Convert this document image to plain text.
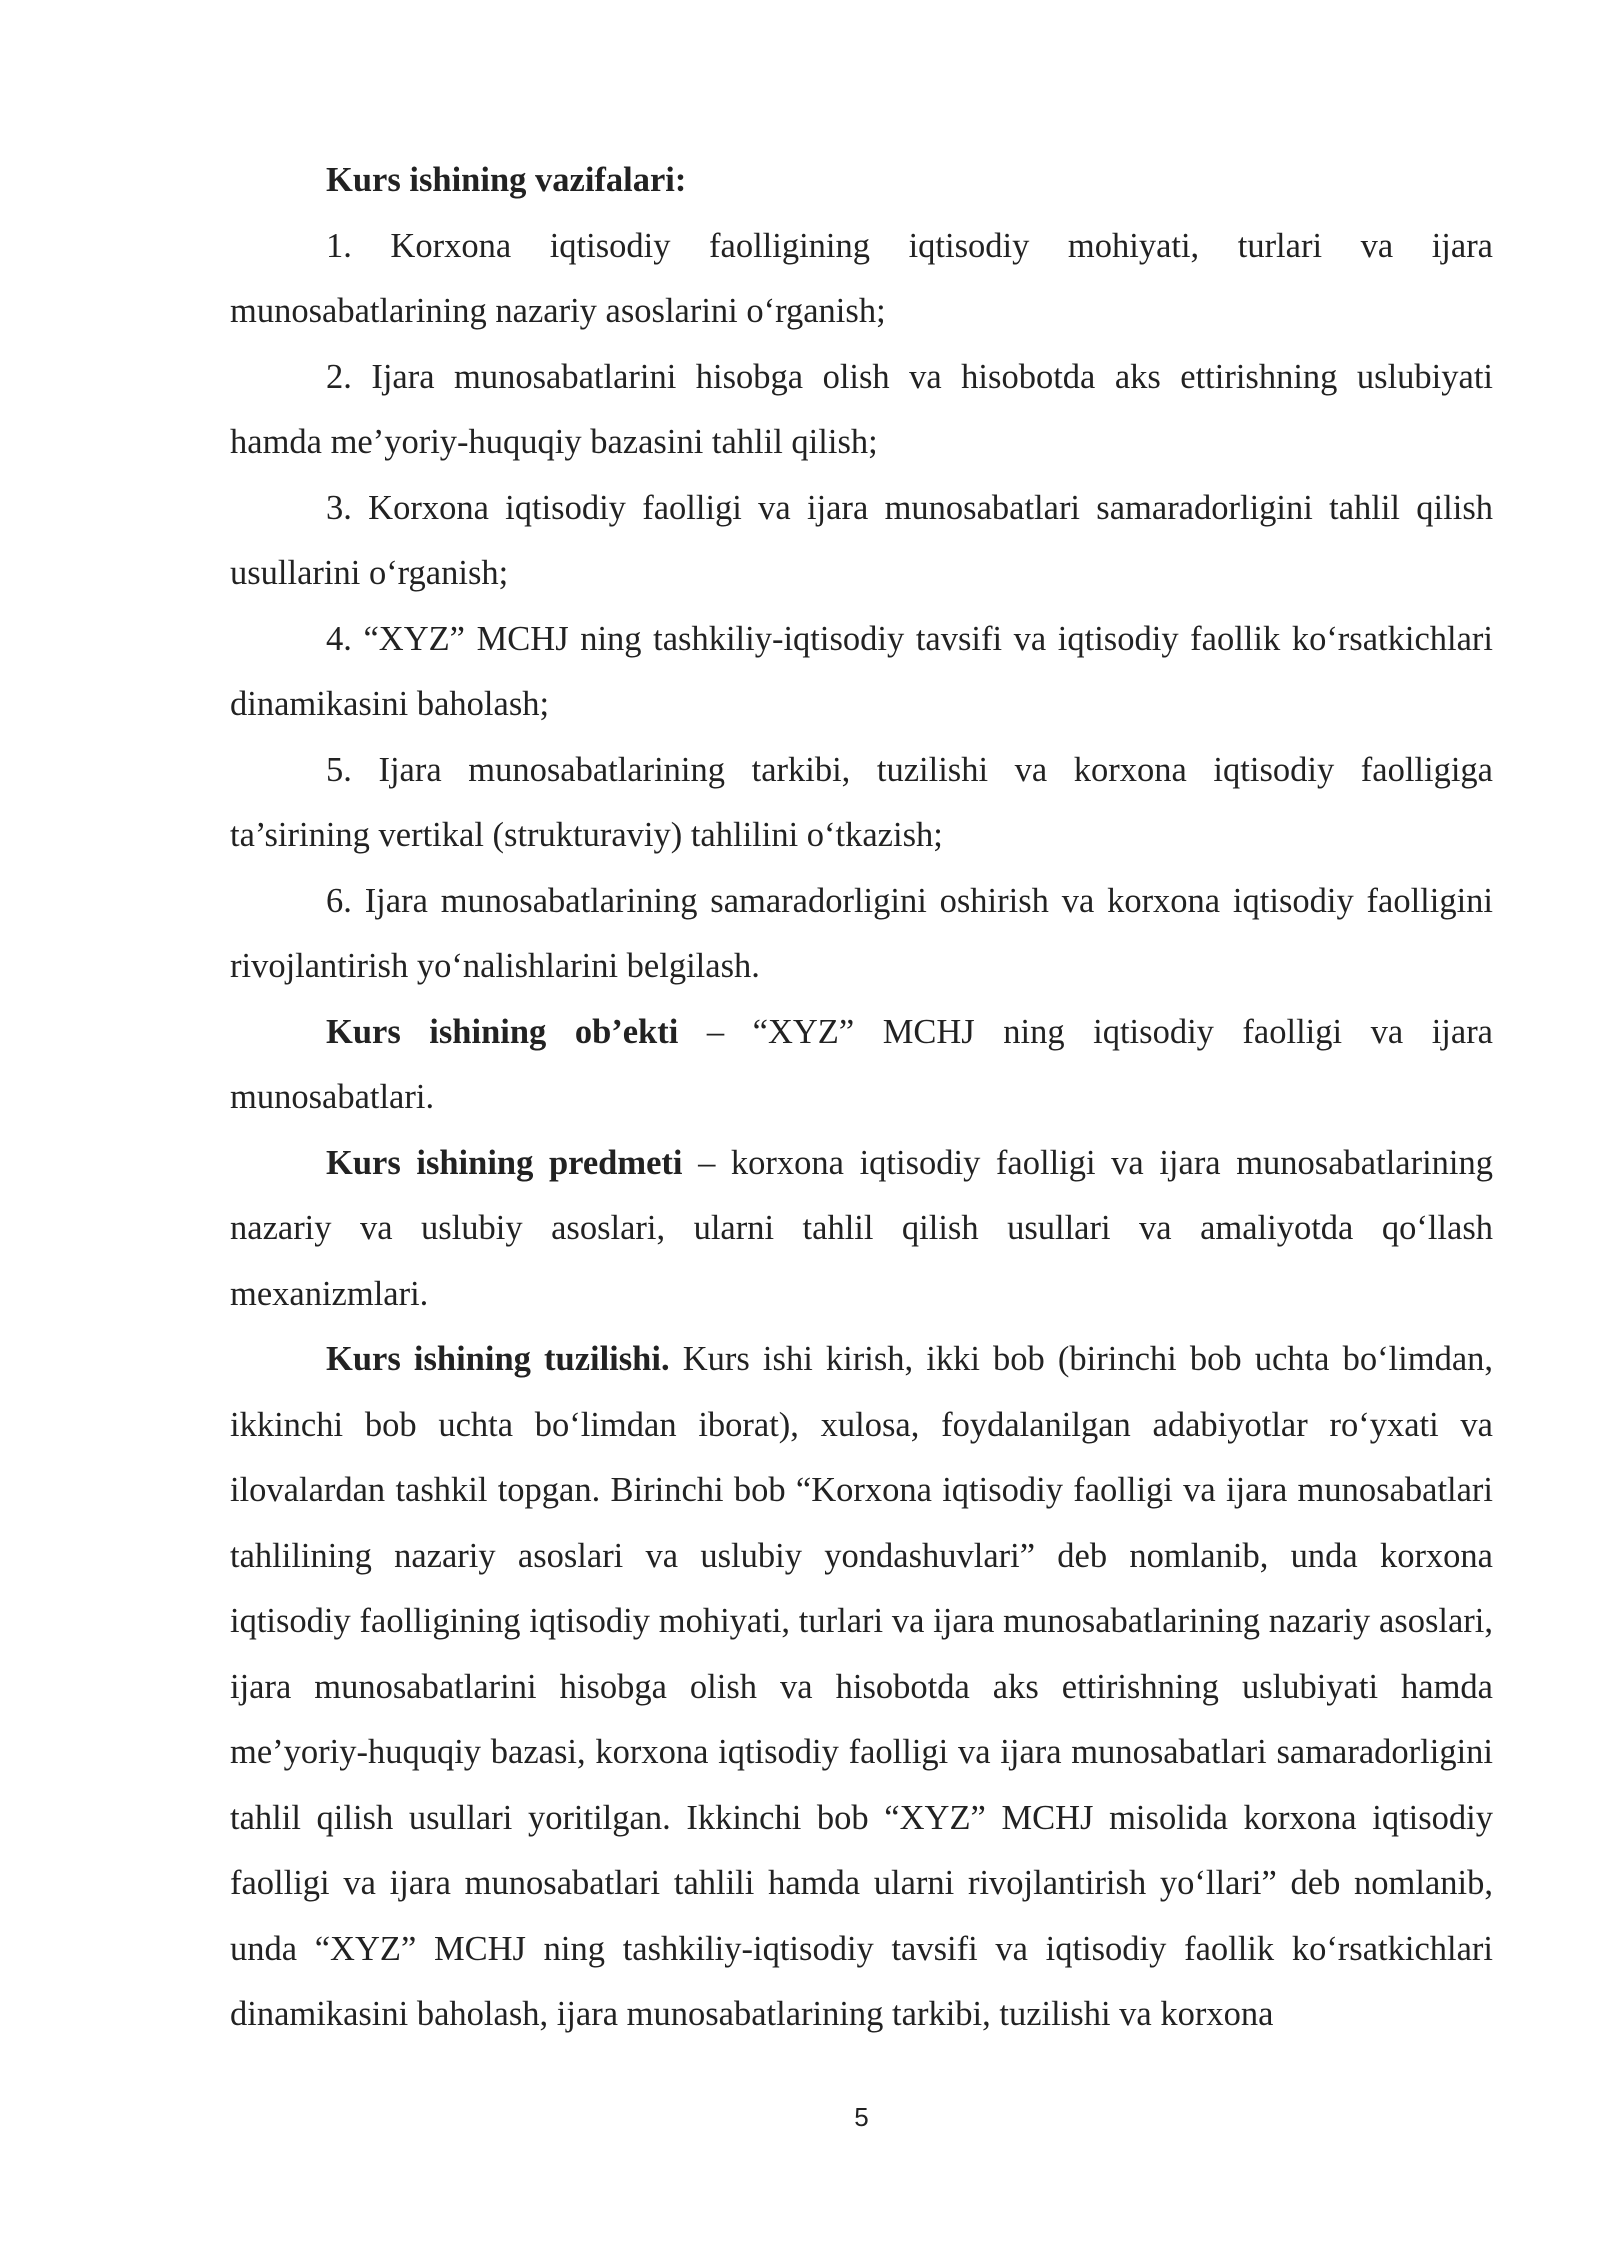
Kurs ishining vazifalari:

1. Korxona iqtisodiy faolligining iqtisodiy mohiyati, turlari va ijara munosabatlarining nazariy asoslarini o‘rganish;

2. Ijara munosabatlarini hisobga olish va hisobotda aks ettirishning uslubiyati hamda me’yoriy-huquqiy bazasini tahlil qilish;

3. Korxona iqtisodiy faolligi va ijara munosabatlari samaradorligini tahlil qilish usullarini o‘rganish;

4. “XYZ” MCHJ ning tashkiliy-iqtisodiy tavsifi va iqtisodiy faollik ko‘rsatkichlari dinamikasini baholash;

5. Ijara munosabatlarining tarkibi, tuzilishi va korxona iqtisodiy faolligiga ta’sirining vertikal (strukturaviy) tahlilini o‘tkazish;

6. Ijara munosabatlarining samaradorligini oshirish va korxona iqtisodiy faolligini rivojlantirish yo‘nalishlarini belgilash.

Kurs ishining ob’ekti – “XYZ” MCHJ ning iqtisodiy faolligi va ijara munosabatlari.

Kurs ishining predmeti – korxona iqtisodiy faolligi va ijara munosabatlarining nazariy va uslubiy asoslari, ularni tahlil qilish usullari va amaliyotda qo‘llash mexanizmlari.

Kurs ishining tuzilishi. Kurs ishi kirish, ikki bob (birinchi bob uchta bo‘limdan, ikkinchi bob uchta bo‘limdan iborat), xulosa, foydalanilgan adabiyotlar ro‘yxati va ilovalardan tashkil topgan. Birinchi bob “Korxona iqtisodiy faolligi va ijara munosabatlari tahlilining nazariy asoslari va uslubiy yondashuvlari” deb nomlanib, unda korxona iqtisodiy faolligining iqtisodiy mohiyati, turlari va ijara munosabatlarining nazariy asoslari, ijara munosabatlarini hisobga olish va hisobotda aks ettirishning uslubiyati hamda me’yoriy-huquqiy bazasi, korxona iqtisodiy faolligi va ijara munosabatlari samaradorligini tahlil qilish usullari yoritilgan. Ikkinchi bob “XYZ” MCHJ misolida korxona iqtisodiy faolligi va ijara munosabatlari tahlili hamda ularni rivojlantirish yo‘llari” deb nomlanib, unda “XYZ” MCHJ ning tashkiliy-iqtisodiy tavsifi va iqtisodiy faollik ko‘rsatkichlari dinamikasini baholash, ijara munosabatlarining tarkibi, tuzilishi va korxona

5
